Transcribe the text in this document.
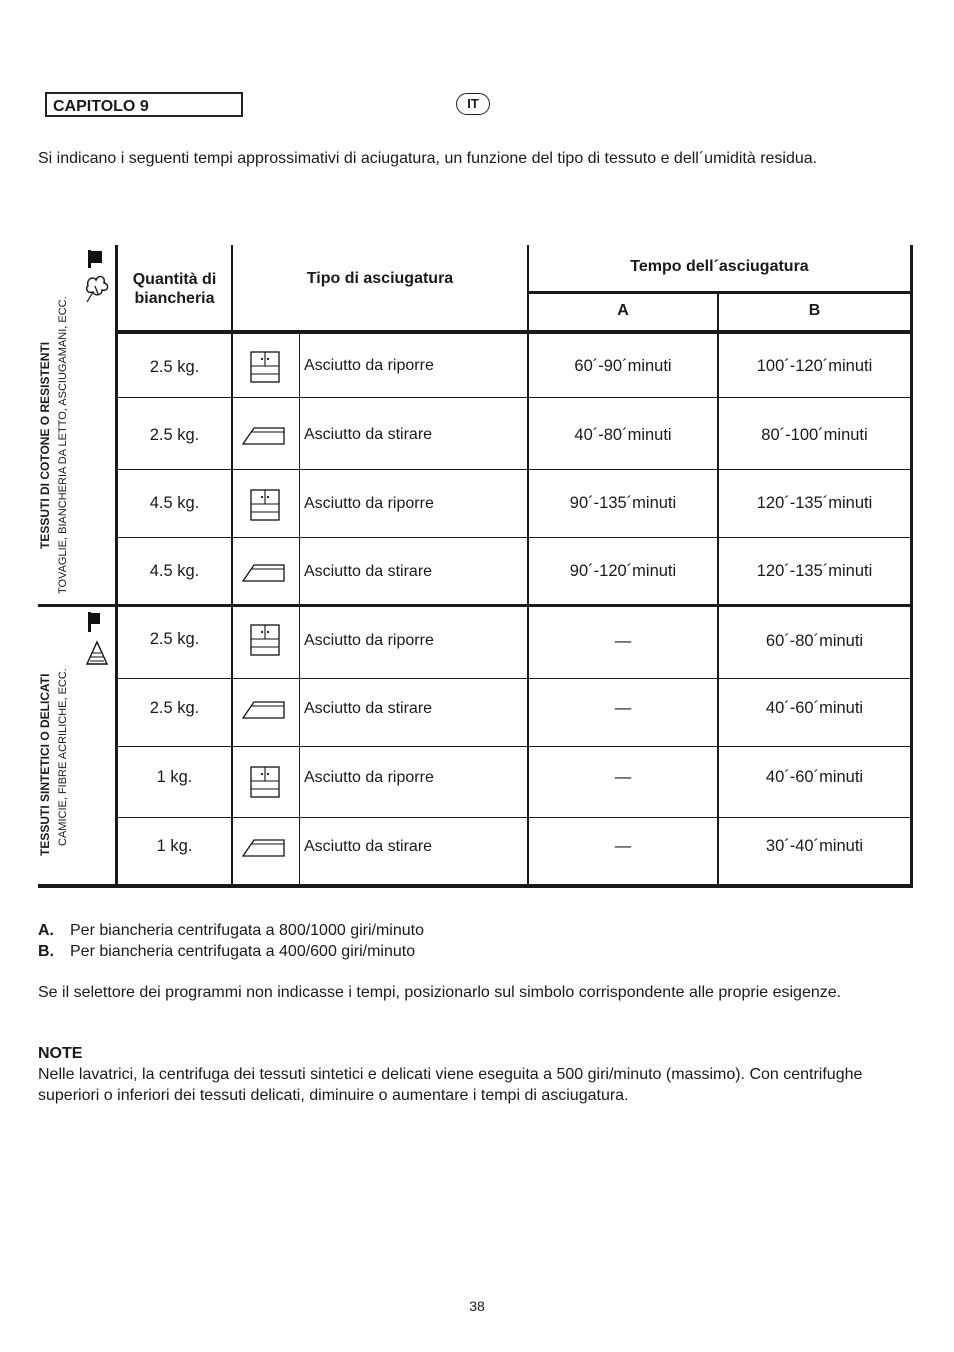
CAPITOLO 9	IT
Si indicano i seguenti tempi approssimativi di aciugatura, un funzione del tipo di tessuto e dell´umidità residua.
Quantità di biancheria
Tipo di asciugatura
Tempo dell´asciugatura
A	B
TESSUTI DI COTONE O RESISTENTI TOVAGLIE, BIANCHERIA DA LETTO, ASCIUGAMANI, ECC.
TESSUTI SINTETICI O DELICATI CAMICIE, FIBRE ACRILICHE, ECC.
2.5 kg.	Asciutto da riporre	60´-90´minuti	100´-120´minuti
2.5 kg.	Asciutto da stirare	40´-80´minuti	80´-100´minuti
4.5 kg.	Asciutto da riporre	90´-135´minuti	120´-135´minuti
4.5 kg.	Asciutto da stirare	90´-120´minuti	120´-135´minuti
2.5 kg.	Asciutto da riporre	—	60´-80´minuti
2.5 kg.	Asciutto da stirare	—	40´-60´minuti
1 kg.	Asciutto da riporre	—	40´-60´minuti
1 kg.	Asciutto da stirare	—	30´-40´minuti
A. Per biancheria centrifugata a 800/1000 giri/minuto
B. Per biancheria centrifugata a 400/600 giri/minuto
Se il selettore dei programmi non indicasse i tempi, posizionarlo sul simbolo corrispondente alle proprie esigenze.
NOTE
Nelle lavatrici, la centrifuga dei tessuti sintetici e delicati viene eseguita a 500 giri/minuto (massimo). Con centrifughe superiori o inferiori dei tessuti delicati, diminuire o aumentare i tempi di asciugatura.
38
